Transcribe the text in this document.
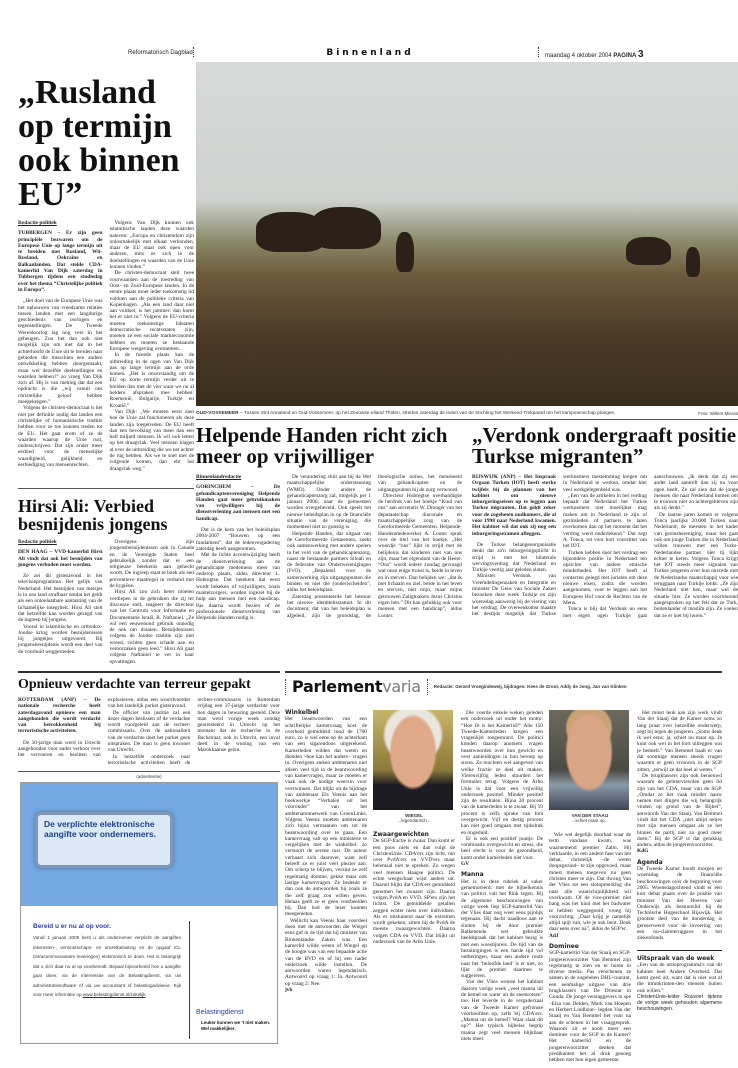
Reformatorisch Dagblad	Binnenland	maandag 4 oktober 2004 PAGINA 3
„Rusland op termijn ook binnen EU”

Redactie politiek

TUBBERGEN – Er zijn geen principiële bezwaren om de Europese Unie op lange termijn uit te breiden met Rusland, Wit-Rusland, Oekraïne en Balkanlanden. Dat stelde CDA-kamerlid Van Dijk zaterdag in Tubbergen tijdens een studiedag over het thema “Christelijke politiek in Europa”.

„Het doel van de Europese Unie was het ophouwen van vreedzame relaties tussen landen met een langdurige geschiedenis van oorlogen en tegenstellingen. De Tweede Wereldoorlog lag nog vers in het geheugen. Zou het dan ook niet mogelijk zijn om met dat in het achterhoofd de Unie uit te breiden naar gebieden die misschien een andere ontwikkeling hebben doorgemaakt, maar wel dezelfde doelstellingen en waarden hebben?” zo vroeg Van Dijk zich af. Hij is van mening dat dat een opdracht is die „wij vanuit ons christelijke geloof hebben meegekregen.”

Volgens de christen-democraat is het niet per definitie nodig dat landen een christelijke of humanistische traditie hebben voor ze toe kunnen treden tot de EU. Het gaat erom of ze de waarden waarop de Unie rust, onderschrijven. Dat zijn onder meer eerbied voor de menselijke waardigheid, gelijkheid en eerbiediging van mensenrechten.

Volgens Van Dijk kunnen ook islamitische landen deze waarden naleven: „Europa en christendom zijn onlosmakelijk met elkaar verbonden, maar de EU staat ook open voor anderen, mits ze zich in de doelstellingen en waarden van de Unie kunnen vinden.”

De christen-democraat stelt twee voorwaarden aan de toetreding van Oost- en Zuid-Europese landen. In de eerste plaats moet ieder toekomstig lid voldoen aan de politieke criteria van Kopenhagen. „Als een land daar niet aan voldoet, is het jammer: dan komt het er niet in.” Volgens de EU-criteria moeten toekomstige lidstaten democratische rechtsstaten zijn, moeten ze een sociale markteconomie hebben en moeten ze bestaande Europese wetgeving overnemen.

In de tweede plaats kan de uitbreiding in de ogen van Van Dijk pas op lange termijn aan de orde komen. „Het is onverstandig om de EU op korte termijn verder uit te breiden dan met de vier waar we nu al heldere afspraken mee hebben: Roemenië, Bulgarije, Turkije en Kroatië.”

Van Dijk: „We moeten eerst zien hoe de Unie zal functioneren als deze landen zijn toegetreden. De EU heeft dan een bevolking van meer dan een half miljard mensen. Ik wil ook letten op het draagvlak. Veel mensen klagen al over de uitbreiding die we net achter de rug hebben. Als we te snel met de volgende komen, dan ebt het draagvlak weg.”

Hirsi Ali: Verbied besnijdenis jongens

Redactie politiek

DEN HAAG – VVD-kamerlid Hirsi Ali vindt dat ook het besnijden van jongens verboden moet worden.

Ze zei dit gisteravond in het televisieprogramma Het gelijk van Nederland. Het besnijden van meisjes is in ons land strafbaar omdat het geldt als een ontoelaatbare aantasting van de lichamelijke integriteit. Hirsi Ali stelt dat hetzelfde kan worden gezegd van de ingreep bij jongens.

Vooral in islamitische en orthodox-Joodse kring worden besnijdenissen bij jongetjes uitgevoerd. Bij jongensbesnijdenis wordt een deel van de voorhuid weggesneden.

Overigens zijn jongensbesnijdenissen ook in Canada en de Verenigde Staten heel gebruikelijk zonder dat er een religieuze betekenis aan gehecht wordt. De ingreep staat te boek als een preventieve maatregel in verband met de hygiëne.

Hirsi Ali zou zich beter moeten verdiepen in de gebruiken die zij ter discussie stelt, reageert de directeur van het Centrum voor Informatie en Documentatie Israël, R. Naftaniel. „Ze wil een eeuwenoud gebruik onnodig de nek om draaien. Besnijdenissen volgens de Joodse traditie zijn niet wreed, richten geen schade aan en veroorzaken geen leed.” Hirsi Ali gaat volgens Naftaniel te ver in haar opvattingen.

OUD-VOSSEMEER – Tussen Sint Annaland en Oud-Vossemeer, op het Zeeuwse eiland Tholen, streden zaterdag de leden van de Stichting het Werkend Trekpaard om het kampioenschap ploegen.	Foto: Willem Mieras
Helpende Handen richt zich meer op vrijwilliger

Binnenlandredactie

GORINCHEM – De gehandicaptenvereniging Helpende Handen gaat meer gebruikmaken van vrijwilligers bij de dienstverlening aan mensen met een handicap.

Dat is de kern van het beleidsplan 2004-2007 “Bouwen op een fundament”, dat de ledenvergadering zaterdag heeft aangenomen.

Met de lichte accentwijziging heeft de dienstverlening aan de gehandicapte medemens meer van onderop plaats, aldus directeur L. Hubregtse. Dat betekent dat eerst wordt bekeken of vrijwilligers, zoals mantelzorgers, worden ingezet bij de hulp aan mensen met een handicap. Pas daarna wordt bezien of de professionele dienstverlening van Helpende Handen nodig is.

De verandering sluit aan bij de Wet maatschappelijke ondersteuning (WMO). Onder andere de gehandicaptenzorg zal, mogelijk per 1 januari 2006, naar de gemeenten worden overgeheveld. Ook speelt het nieuwe beleidsplan in op de financiële situatie van de vereniging, die momenteel niet zo gunstig is.

Helpende Handen, dat uitgaat van de Gereformeerde Gemeenten, zoekt ook samenwerking met andere spelers in het veld van de gehandicaptenzorg, naast de bestaande partners Siloah en de federatie van Onderwerenigingen (FvO). „Bepalend voor de samenwerking zijn uitgangspunten die binden en niet die (onder)scheiden”, aldus het beleidsplan.

Zaterdag presenteerde het bestuur het nieuwe identiteitsstatuut. In dit document, dat van het beleidsplan is afgeleid, zijn de grondslag, de theologische noties, het mensbeeld van gehandicapten en de uitgangspunten bij de zorg verwoord.

Directeur Hubregtse overhandigde de herdruk van het boekje “Kind van ons” aan secretaris W. Droogér van het deputaatschap diaconale en maatschappelijke zorg van de Gereformeerde Gemeenten. Helpende-Handenmedewerker A. Louter sprak over de titel van het boekje. „Het woordje “ons” lijkt in strijd met de belijdenis dat kinderen niet van ons zijn, maar het eigendom van de Heere. “Ons” wordt iedere zondag gevraagd wat onze enige troost is, beide in leven en in sterven. Dan belijden we: „dat ik met lichaam en ziel, beide in het leven en sterven, niet mijn, maar mijns getrouwen Zaligmakers Jezus Christus eigen ben.” Dit kan gelukkig ook voor mensen met een handicap”, aldus Louter.

„Verdonk ondergraaft positie Turkse migranten”

RIJSWIJK (ANP) – Het Inspraak Orgaan Turken (IOT) heeft sterke twijfels bij de plannen van het kabinet om nieuwe inburgeringseisen op te leggen aan Turkse migranten. Dat geldt zeker voor de zogeheten oudkomers, die al voor 1998 naar Nederland kwamen. Het kabinet wil dat ook zij nog een inburgeringsexamen afleggen.

De Turkse belangenorganisatie denkt dat zo'n inburgeringsplicht in strijd is met het bilaterale wervingsverdrag dat Nederland en Turkije veertig jaar geleden sloten.

Minister Verdonk van Vreemdelingenzaken en Integratie en minister De Geus van Sociale Zaken bezoeken deze week Turkije en zijn woensdag aanwezig bij de viering van het verdrag. De overeenkomst maakte het destijds mogelijk dat Turkse werknemers toestemming kregen om in Nederland te werken, omdat hier veel werkgelegenheid was.

„Een van de artikelen in het verdrag bepaalt dat Nederland het Turkse werknemers niet moeilijker mag maken om in Nederland te zijn of gezinsleden of partners te laten overkomen dan op het moment dat het verdrag werd ondertekend.” Dat zegt A. Tonca, tot voor kort voorzitter van het IOT.

Turken hebben door het verdrag een bijzondere positie in Nederland ten opzichte van andere etnische minderheden. Het IOT heeft al contacten gelegd met juristen om deze nieuwe eisen, zodra die worden aangenomen, voor te leggen aan het Europees Hof voor de Rechten van de Mens.

Tonca is blij dat Verdonk nu eens met eigen ogen Turkije gaat aanschouwen. „Ik denk dat zij een ander land aantreft dan zij nu voor ogen heeft. Ze zal zien dat de jonge mensen die naar Nederland komen om te trouwen niet zo achtergebleven zijn als zij denkt.”

De laatste jaren komen er volgens Tonca jaarlijks 20.000 Turken naar Nederland; de meesten in het kader van gezinshereniging, maar het gaat ook om jonge Turken die in Nederland willen trouwen met een Turks-Nederlandse partner. Het tij lijkt echter te keren. Volgens Tonca krijgt het IOT steeds meer signalen van Turkse jongeren over hun onvrede met de Nederlandse maatschappij voor wie teruggaan naar Turkije lonkt. „Ze zijn Nederland niet ben, maar wel de situatie hier. Ze worden voortdurend aangesproken op het feit dat ze Turk, buitenlander of moslim zijn. Ze voelen dat ze er niet bij horen.”

Opnieuw verdachte van terreur gepakt

ROTTERDAM (ANP) – De nationale recherche heeft zaterdagavond opnieuw een man aangehouden die wordt verdacht van betrokkenheid bij terroristische activiteiten.

De 30-jarige man werd in Utrecht aangehouden voor nader verhoor over het vervoeren en bezitten van explosieven, aldus een woordvoerder van het landelijk parket gisteravond.

De officier van justitie zal een dezer dagen beslissen of de verdachte wordt voorgeleid aan de rechter-commissaris. Over de nationaliteit van de verdachte doet het parket geen uitspraken. De man is geen inwoner van Utrecht.

In hetzelfde onderzoek naar terroristische activiteiten heeft de rechter-commissaris in Rotterdam vrijdag een 37-jarige verdachte voor tien dagen in bewaring gesteld. Deze man werd vorige week zondag gearresteerd in Utrecht op het moment dat de recherche in de Bachstraat, ook in Utrecht, een inval deed in de woning van een Marokkaanse gezin.

(advertentie)
De verplichte elektronische aangifte voor ondernemers.
Bereid u er nu al op voor.
Vanaf 1 januari 2005 bent u als ondernemer verplicht de aangiften inkomsten-, vennootschaps- en omzetbelasting en de opgaaf ICL (intracommunautaire leveringen) elektronisch te doen. Het is belangrijk dat u zich daar nu al op voorbereidt. Bepaal bijvoorbeeld hoe u aangifte gaat doen: via de internetsite van de Belastingdienst, via uw administratiesoftware of via uw accountant of belastingadviseur. Kijk voor meer informatie op www.belastingdienst.nl/zakelijk
Belastingdienst
Leuker kunnen we 't niet maken.
Wel makkelijker.
Parlementvaria	Redactie: Gerard Vroegindeweij, bijdragen: Kees de Groot, Addy de Jong, Jan van Klinken
Winkelbel

Het beantwoorden van een schriftelijke kamervraag kost de overheid gemiddeld rond de 1700 euro, zo is wel eens op de achterkant van een sigarendoos uitgerekend. Kamerleden wilden dat weten en dienden –hoe kan het anders– vragen in. Overigens steken ambtenaren niet alleen veel tijd in de beantwoording van kamervragen, maar ze moeten er vaak ook de nodige weerzin voor overwinnen. Dat blijkt uit de bijdrage van ambtenaar Els Veenis aan het boekwerkje “Verhalen uit het vooronder” van het ambtenarennetwerk van GroenLinks. Volgens Veenis moeten ambtenaren zich bijna vermannen om tot de beantwoording over te gaan. Een kamervraag valt op een ministerie te vergelijken met de winkelbel: zo verstoort de serene rust. De auteur verbaast zich daarover, want zelf beleeft ze er juist veel plezier aan. Om scherp te blijven, verzint ze zelf regelmatig domme, gekke maar ook lastige kamervragen. Ze bedenkt er dan ook de antwoorden bij zoals ze die zelf graag zou willen geven. Helaas geeft ze er geen voorbeelden bij. Dan had de lezer kunnen meegenieten.

Wellicht kan Veenis haar voordeel doen met de antwoorden die Wiegel eens gaf in de tijd dat hij minister van Binnenlandse Zaken was. Een kamerlid wilde weten of Wiegel op de hoogte was van een bepaalde actie van de BVD en of hij een nader onderzoek wilde instellen. De antwoorden waren legendarisch. Antwoord op vraag 1: Ja. Antwoord op vraag 2: Nee.

jvk

WIEGEL
...legendarisch...
Zwaargewichten

De SGP-fractie is zwaar. Dan komt er een poos niets en dan volgt de ChristenUnie. CDA'ers zijn licht, om over PvdA'ers en VVD'ers maar helemaal niet te spreken. Zo wegen veel mensen Haagse politici. De echte weegschaal wijst anders uit. Daaruit blijkt dat CDA'ers gemiddeld genomen het zwaarst zijn. Daarna volgen PvdA en VVD. SP'ers zijn het lichtst. De gemiddelde getallen zeggen echter niets over individuen. Als er uitsluitend naar de extremen wordt gekeken, zitten bij de PvdA de meeste zwaargewichten. Daarna volgen CDA en VVD. Dat blijkt uit onderzoek van de Arbo Unie.

Die voerde enkele weken geleden een onderzoek uit onder het motto: “Hoe fit is het Kamerlid?” Alle 150 Tweede-Kamerleden kregen een vragenlijst toegestuurd. De politici konden daarop anoniem vragen beantwoorden over hun gewicht en over aanleidingen in hun beroep op stress. Ze mochten wel aangeven van welke fractie ze deel uit maken. Vierenvijftig leden stuurden het formulier terug. Volgens de Arbo Unie is dat voor een vrijwillig onderzoek positief. Minder positief zijn de resultaten. Bijna 30 procent van de kamerleden is te zwaar. Bij 19 procent is zelfs sprake van fors overgewicht. Vijf en dertig procent kan niet goed omgaan met tijdsdruk en ongeduld.

Er is ook een positief puntje. De combinatie overgewicht en stress, die heel slecht is voor de gezondheid, komt onder kamerleden niet voor.

GV

Manna

Het is in deze rubriek al vaker gememoreerd: met de bijbelkennis van politici valt het flink tegen. Bij de algemene beschouwingen van vorige week liep SGP-kamerlid Van der Vlies daar nog weer eens pijnlijk tegenaan. Hij dacht naadloos aan te sluiten bij de door premier Balkenende wel gebruikte beeldspraak dat het kabinet bezig is met een woestijnreis. De tijd van de bezuinigingen is een harde tijd vol ontberingen, maar een andere route naar het ‘beloofde land’ is er niet, zo lijkt de premier daarmee te suggereren.

Van der Vlies wenste het kabinet daarom vorige week „veel manna uit de hemel en water uit de steenrotsen” toe. Het leverde in de vergaderzaal van de Tweede Kamer gefronste voorhoofden op, zelfs bij CDA'ers. „Manna uit de hemel? Waar slaat dit op?” Het typisch bijbelse begrip manna zegt veel mensen blijkbaar niets meer.

VAN DER STAAIJ
...schiet maar op...

Wie wel degelijk doorhad waar de term vandaan kwam, was waarnemend premier Zalm. Hij verklaarde, in een andere fase van het debat, christelijk –de weten doopsgezind– te zijn opgevoed, maar moest meteen toegeven nu geen christen meer te zijn. Dat dwong Van der Vlies tot een slotopmerking die naar alle waarschijnlijkheid wil overkwam. Of de vice-premier niet bang was het kind met het badwater te hebben weggegooid, vroeg hij voorzichtig. „Daar krijg je namelijk altijd spijt van, wie je ook bent. Denk daar eens over na”, aldus de SGP'er.

AdJ

Dominee

SGP-kamerlid Van der Staaij en SGP-jongerenvoorzitter Van Bemmel zijn regelmatig te zien en te horen in diverse media. Pas verschenen ze samen in de zogeheten DHL-courant, een eenmalige uitgave van drie brugklassers van De Driestar in Gouda. De jonge verslaggevers in spe –Elsa van Delden, Mark van Hoepen en Herbert Lindhout– legden Van der Staaij en Van Bemmel het vuur na aan de schenen in het vraaggesprek. Waarom zit er nooit meer een dominee voor de SGP in de Kamer? Het kamerlid en de jongerenvoorzitter denken dat predikanten het al druk genoeg hebben met hun eigen gemeente.

Het minst leuk aan zijn werk vindt Van der Staaij dat de Kamer soms zo lang praat over hetzelfde onderwerp, zegt hij tegen de jongeren. „Soms denk ik wel eens: ja, schiet nu maar op. Je kunt ook wel in het kort uitleggen wat je bedoelt.” Van Bemmel baalt er van dat sommige mensen steeds vragen waarom er geen vrouwen in de SGP zitten, „terwijl ze dat heel al weten.”

De brugklassers zijn ook benieuwd waarom de geïnterviewden geen lid zijn van het CDA, maar van de SGP. „Omdat ze het vaak minder nauw nemen met dingen die wij belangrijk vinden op grond van de Bijbel”, antwoordt Van der Staaij. Van Bemmel vindt dat het CDA „niet altijd netjes met zijn mensen omgaat als ze het binnen de partij niet zo goed meer doen.” Bij de SGP is dat gelukkig anders, aldus de jongerenvoorzitter.

KdG

Agenda

De Tweede Kamer houdt morgen en woensdag de financiële beschouwingen over de begroting voor 2005. Woensdagochtend vindt er een kort debat plaats over de positie van minister Van der Hoeven van Onderwijs als bestuurslid bij de Technische Hogeschool Rijswijk. Het grootste deel van de donderdag is gereserveerd voor de invoering van een no-claimteruggave in het ziekenfonds.

Uitspraak van de week

„Een van de actieprogramma's van dit kabinet heet Andere Overheid. Dat komt goed uit, want dat is niet wat al die timmkrinten-den mensen buiten ook willen.”

ChristenUnie-leider Rouvoet tijdens de vorige week gehouden algemene beschouwingen.
